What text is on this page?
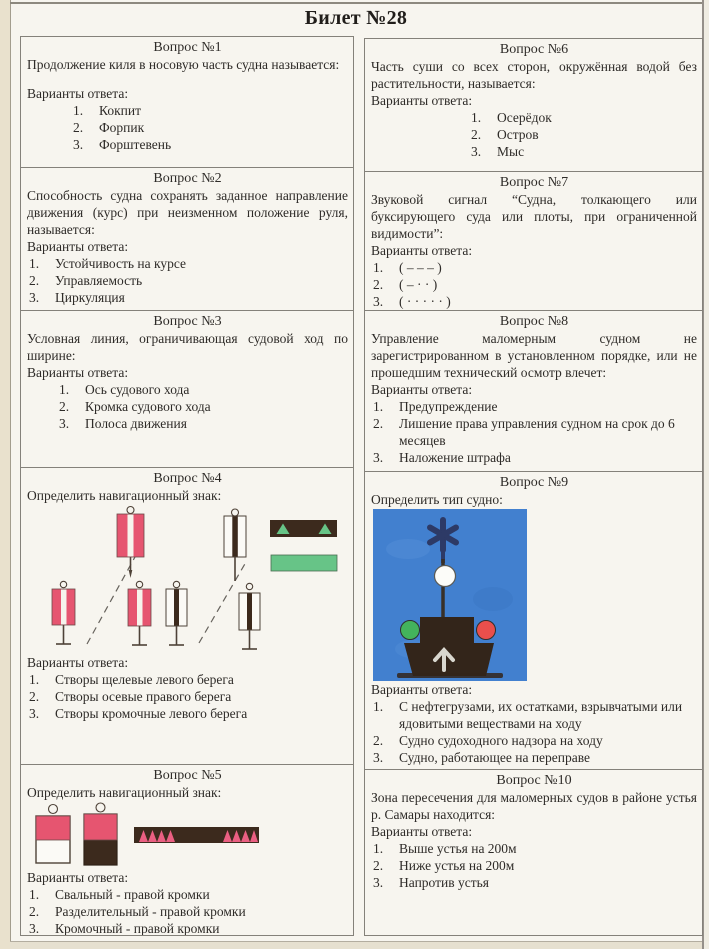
Билет №28
Вопрос №1

Продолжение киля в носовую часть судна называется:

Варианты ответа:
1.	Кокпит
2.	Форпик
3.	Форштевень
Вопрос №2

Способность судна сохранять заданное направление движения (курс) при неизменном положение руля, называется:

Варианты ответа:
1.	Устойчивость на курсе
2.	Управляемость
3.	Циркуляция
Вопрос №3

Условная линия, ограничивающая судовой ход по ширине:

Варианты ответа:
1.	Ось судового хода
2.	Кромка судового хода
3.	Полоса движения
Вопрос №4

Определить навигационный знак:

Варианты ответа:
1.	Створы щелевые левого берега
2.	Створы осевые правого берега
3.	Створы кромочные левого берега
Вопрос №5

Определить навигационный знак:

Варианты ответа:
1.	Свальный - правой кромки
2.	Разделительный - правой кромки
3.	Кромочный - правой кромки
Вопрос №6

Часть суши со всех сторон, окружённая водой без растительности, называется:

Варианты ответа:
1.	Осерёдок
2.	Остров
3.	Мыс
Вопрос №7

Звуковой сигнал “Судна, толкающего или буксирующего суда или плоты, при ограниченной видимости”:

Варианты ответа:
1.	( – – – )
2.	( – · · )
3.	( · · · · · )
Вопрос №8

Управление маломерным судном не зарегистрированном в установленном порядке, или не прошедшим технический осмотр влечет:

Варианты ответа:
1.	Предупреждение
2.	Лишение права управления судном на срок до 6 месяцев
3.	Наложение штрафа
Вопрос №9

Определить тип судно:

Варианты ответа:
1.	С нефтегрузами, их остатками, взрывчатыми или ядовитыми веществами на ходу
2.	Судно судоходного надзора на ходу
3.	Судно, работающее на переправе
Вопрос №10

Зона пересечения для маломерных судов в районе устья р. Самары находится:

Варианты ответа:
1.	Выше устья на 200м
2.	Ниже устья на 200м
3.	Напротив устья
